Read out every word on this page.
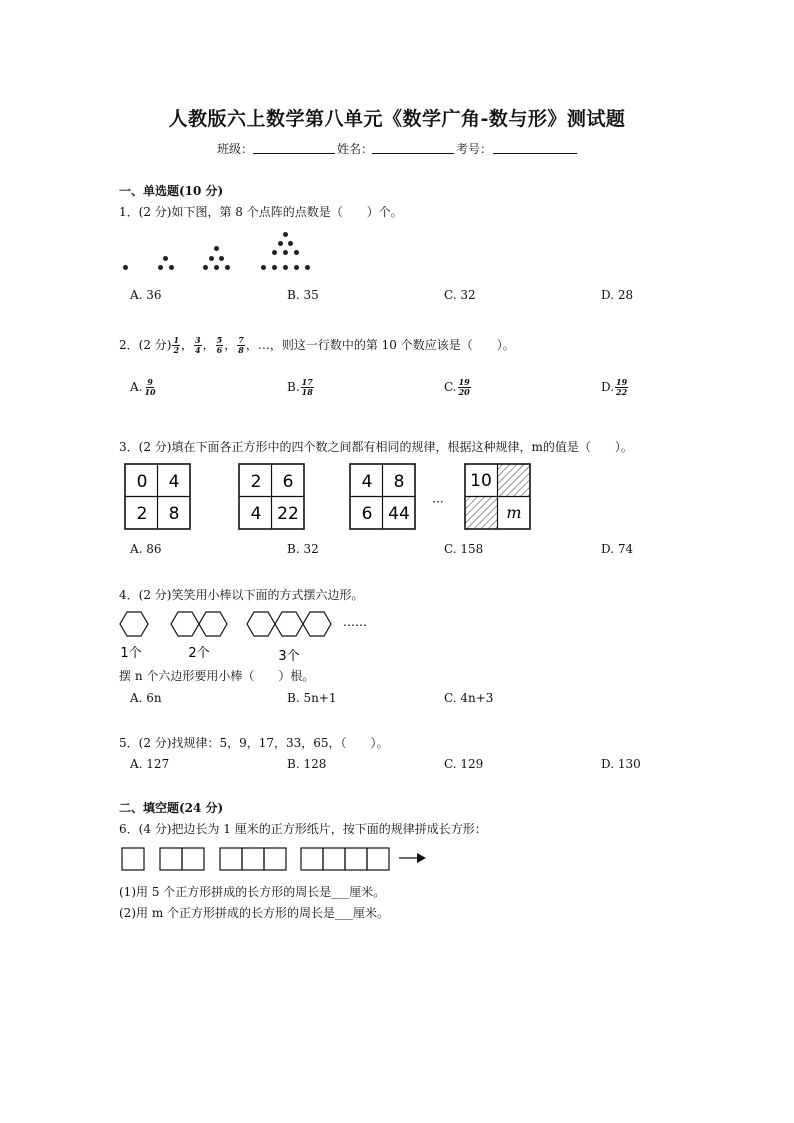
人教版六上数学第八单元《数学广角-数与形》测试题
班级：	姓名：	考号：
一、单选题(10 分)
1．(2 分)如下图，第 8 个点阵的点数是（　　）个。
A. 36	B. 35	C. 32	D. 28
2．(2 分) $\frac{1}{2}$ ， $\frac{3}{4}$ ， $\frac{5}{6}$ ， $\frac{7}{8}$ ，…，则这一行数中的第 10 个数应该是（　　）。
A. $\frac{9}{10}$	B. $\frac{17}{18}$	C. $\frac{19}{20}$	D. $\frac{19}{22}$
3．(2 分)填在下面各正方形中的四个数之间都有相同的规律，根据这种规律，m的值是（　　）。
0 4
2 8
2 6
4 22
4 8
6 44
···
10
m
A. 86	B. 32	C. 158	D. 74
4．(2 分)笑笑用小棒以下面的方式摆六边形。
1个	2个	3个
……
摆 n 个六边形要用小棒（　　）根。
A. 6n	B. 5n+1	C. 4n+3
5．(2 分)找规律：5，9，17，33，65，（　　）。
A. 127	B. 128	C. 129	D. 130
二、填空题(24 分)
6．(4 分)把边长为 1 厘米的正方形纸片，按下面的规律拼成长方形：
(1)用 5 个正方形拼成的长方形的周长是___厘米。
(2)用 m 个正方形拼成的长方形的周长是___厘米。
